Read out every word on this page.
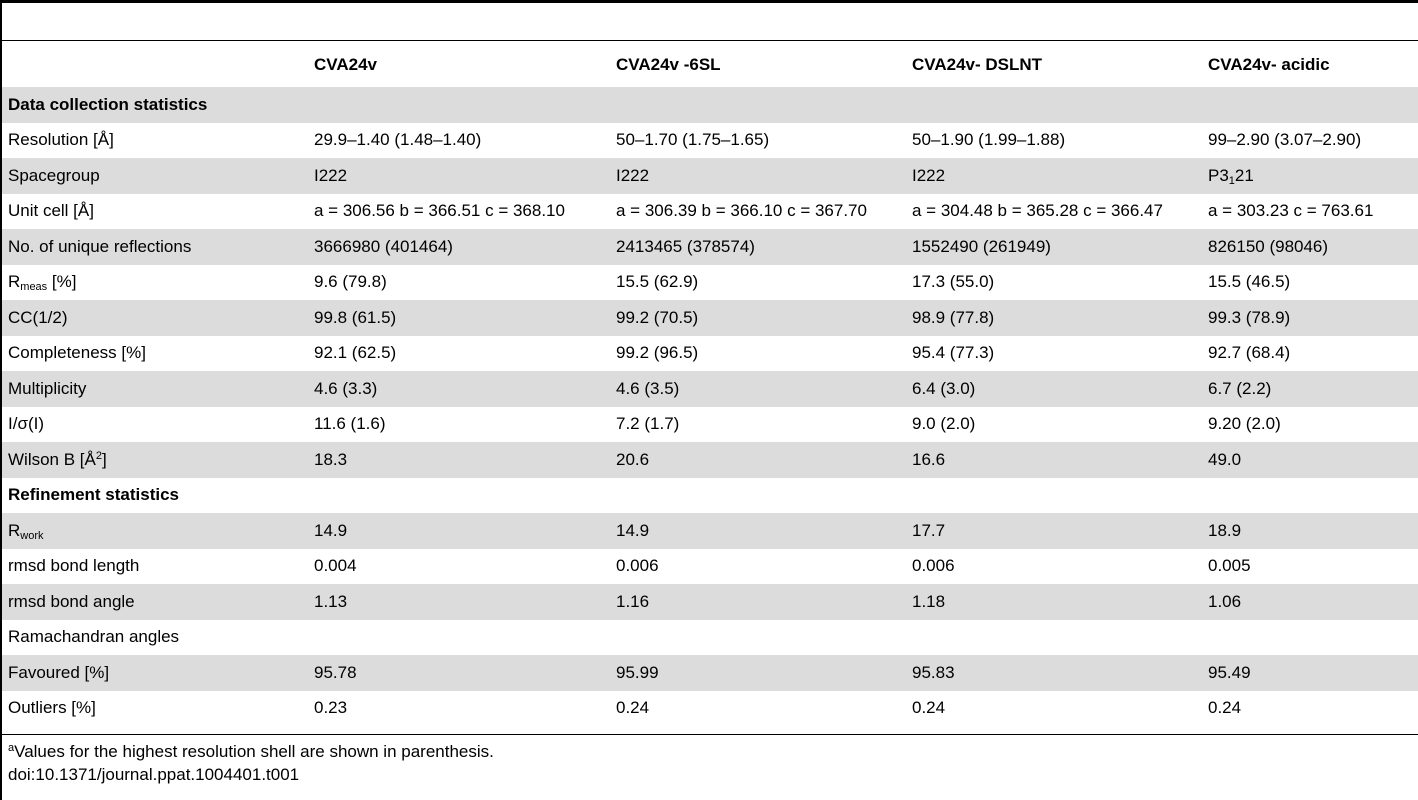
	CVA24v	CVA24v -6SL	CVA24v- DSLNT	CVA24v- acidic
Data collection statistics				
Resolution [Å]	29.9–1.40 (1.48–1.40)	50–1.70 (1.75–1.65)	50–1.90 (1.99–1.88)	99–2.90 (3.07–2.90)
Spacegroup	I222	I222	I222	$P3_121$
Unit cell [Å]	a = 306.56 b = 366.51 c = 368.10	a = 306.39 b = 366.10 c = 367.70	a = 304.48 b = 365.28 c = 366.47	a = 303.23 c = 763.61
No. of unique reflections	3666980 (401464)	2413465 (378574)	1552490 (261949)	826150 (98046)
$R_{meas}$ [%]	9.6 (79.8)	15.5 (62.9)	17.3 (55.0)	15.5 (46.5)
CC(1/2)	99.8 (61.5)	99.2 (70.5)	98.9 (77.8)	99.3 (78.9)
Completeness [%]	92.1 (62.5)	99.2 (96.5)	95.4 (77.3)	92.7 (68.4)
Multiplicity	4.6 (3.3)	4.6 (3.5)	6.4 (3.0)	6.7 (2.2)
I/σ(I)	11.6 (1.6)	7.2 (1.7)	9.0 (2.0)	9.20 (2.0)
Wilson B $[Å^2]$	18.3	20.6	16.6	49.0
Refinement statistics				
$R_{work}$	14.9	14.9	17.7	18.9
rmsd bond length	0.004	0.006	0.006	0.005
rmsd bond angle	1.13	1.16	1.18	1.06
Ramachandran angles				
Favoured [%]	95.78	95.99	95.83	95.49
Outliers [%]	0.23	0.24	0.24	0.24
$^a$Values for the highest resolution shell are shown in parenthesis.
doi:10.1371/journal.ppat.1004401.t001
